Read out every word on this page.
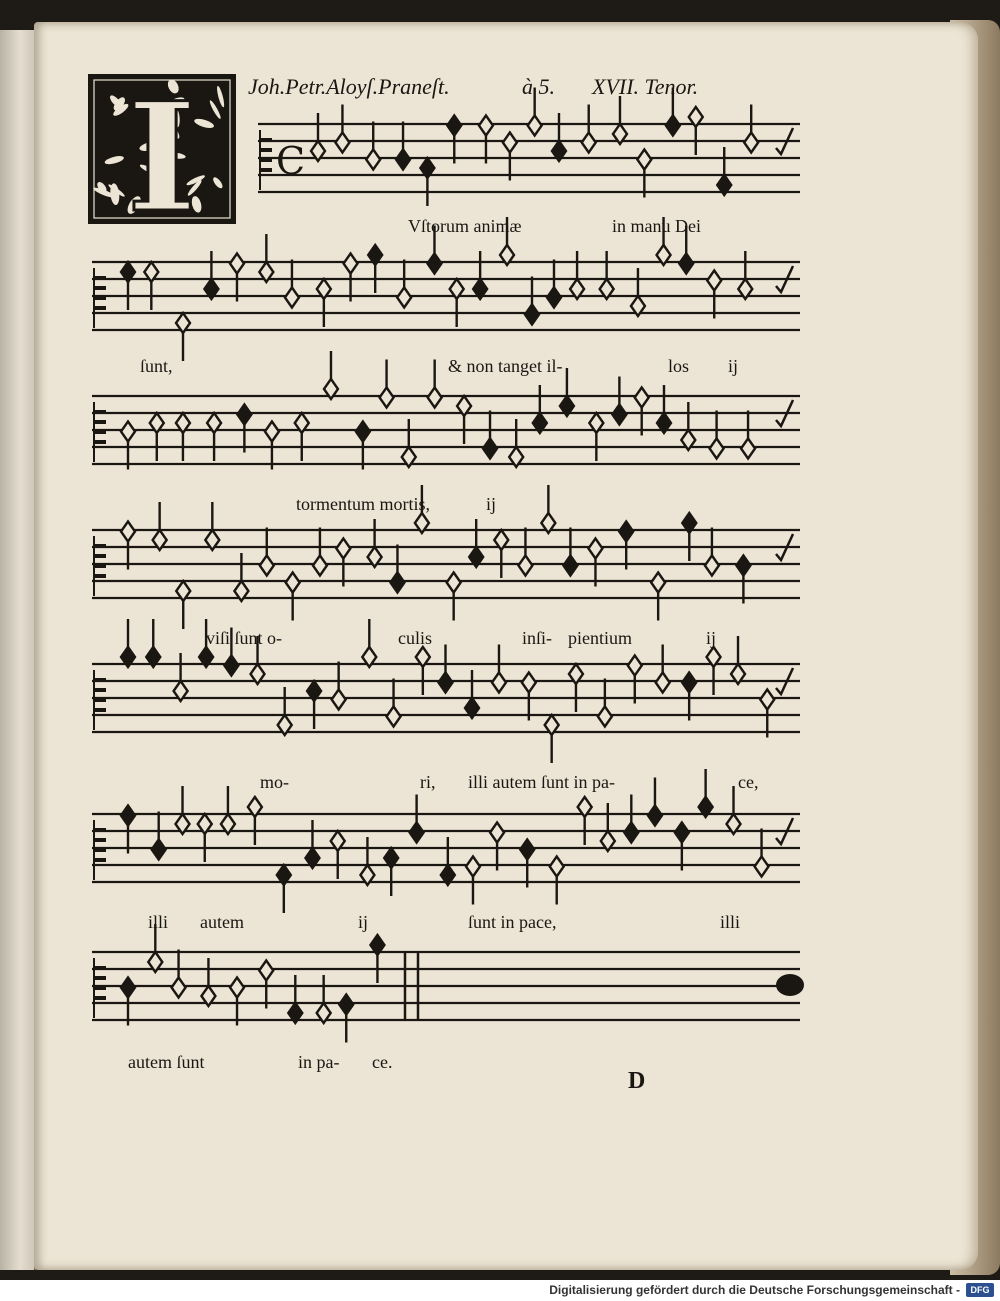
C
I Joh.Petr.Aloyſ.Praneſt.	à 5. XVII. Tenor.
Vſtorum animæ	in manu Dei
ſunt,	& non tanget il-	los ij
tormentum mortis,	ij
viſi ſunt o-	culis	inſi- pientium	ij
mo-	ri, illi autem ſunt in pa-	ce,
illi autem	ij	ſunt in pace,	illi
autem ſunt	in pa- ce.
D
Digitalisierung gefördert durch die Deutsche Forschungsgemeinschaft -	DFG
